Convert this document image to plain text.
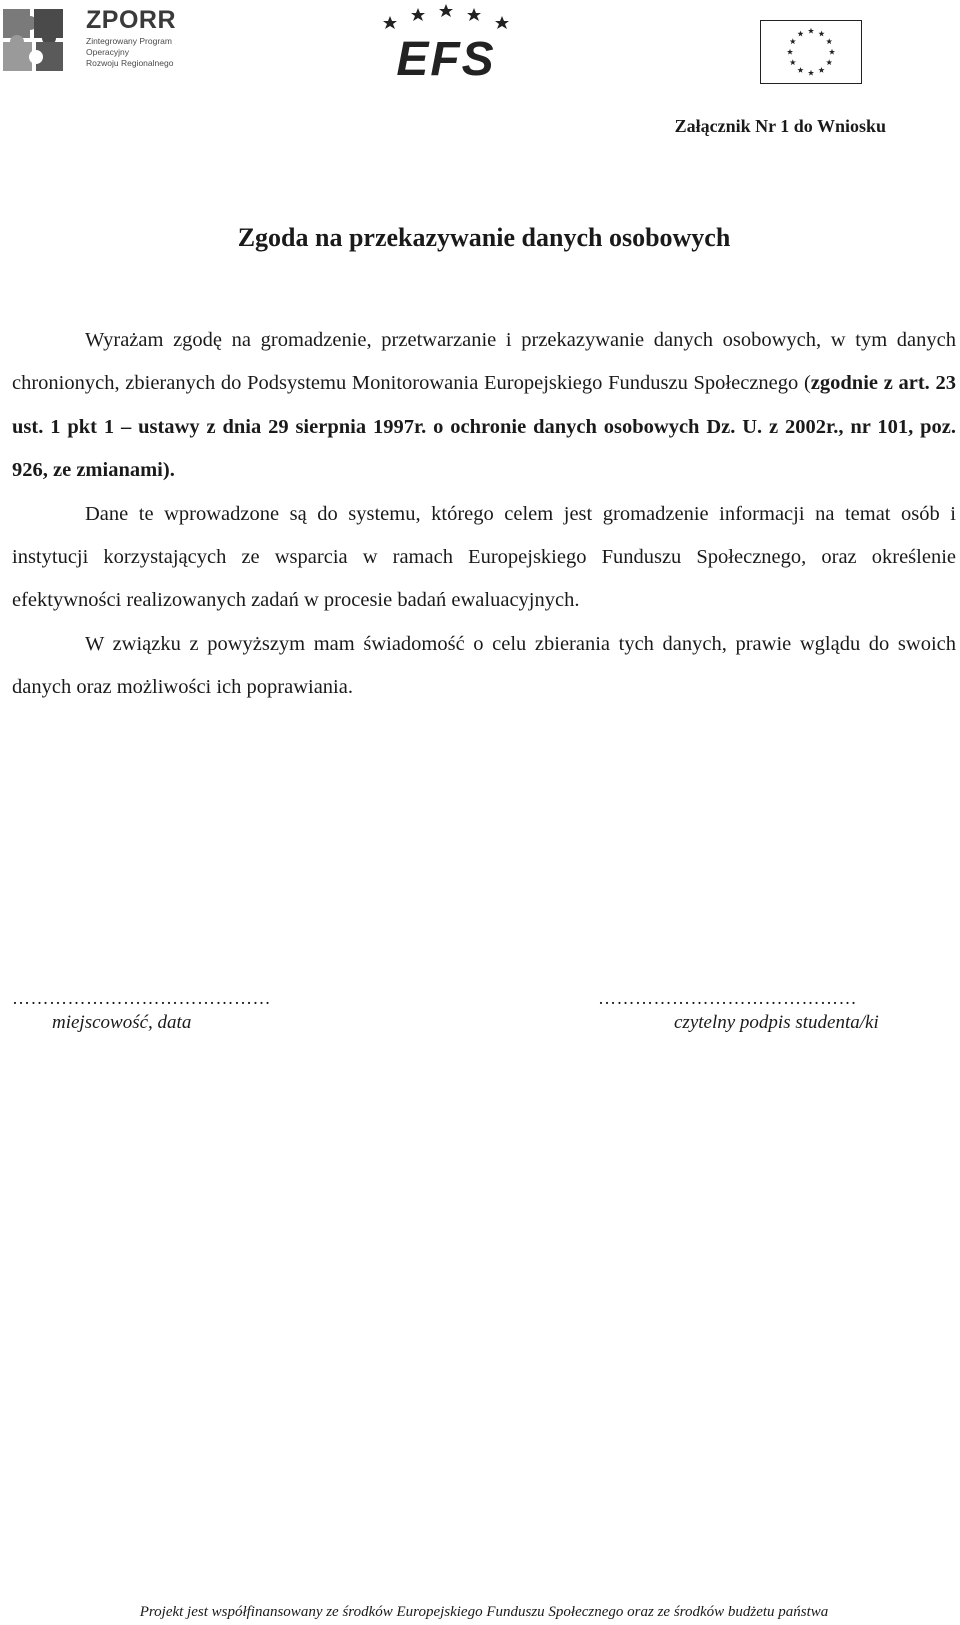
ZPORR
Zintegrowany Program
Operacyjny
Rozwoju Regionalnego	EFS
Załącznik Nr 1 do Wniosku
Zgoda na przekazywanie danych osobowych

Wyrażam zgodę na gromadzenie, przetwarzanie i przekazywanie danych osobowych, w tym danych chronionych, zbieranych do Podsystemu Monitorowania Europejskiego Funduszu Społecznego (zgodnie z art. 23 ust. 1 pkt 1 – ustawy z dnia 29 sierpnia 1997r. o ochronie danych osobowych Dz. U. z 2002r., nr 101, poz. 926, ze zmianami).

Dane te wprowadzone są do systemu, którego celem jest gromadzenie informacji na temat osób i instytucji korzystających ze wsparcia w ramach Europejskiego Funduszu Społecznego, oraz określenie efektywności realizowanych zadań w procesie badań ewaluacyjnych.

W związku z powyższym mam świadomość o celu zbierania tych danych, prawie wglądu do swoich danych oraz możliwości ich poprawiania.

……………………………………
miejscowość, data
……………………………………
czytelny podpis studenta/ki
Projekt jest współfinansowany ze środków Europejskiego Funduszu Społecznego oraz ze środków budżetu państwa
